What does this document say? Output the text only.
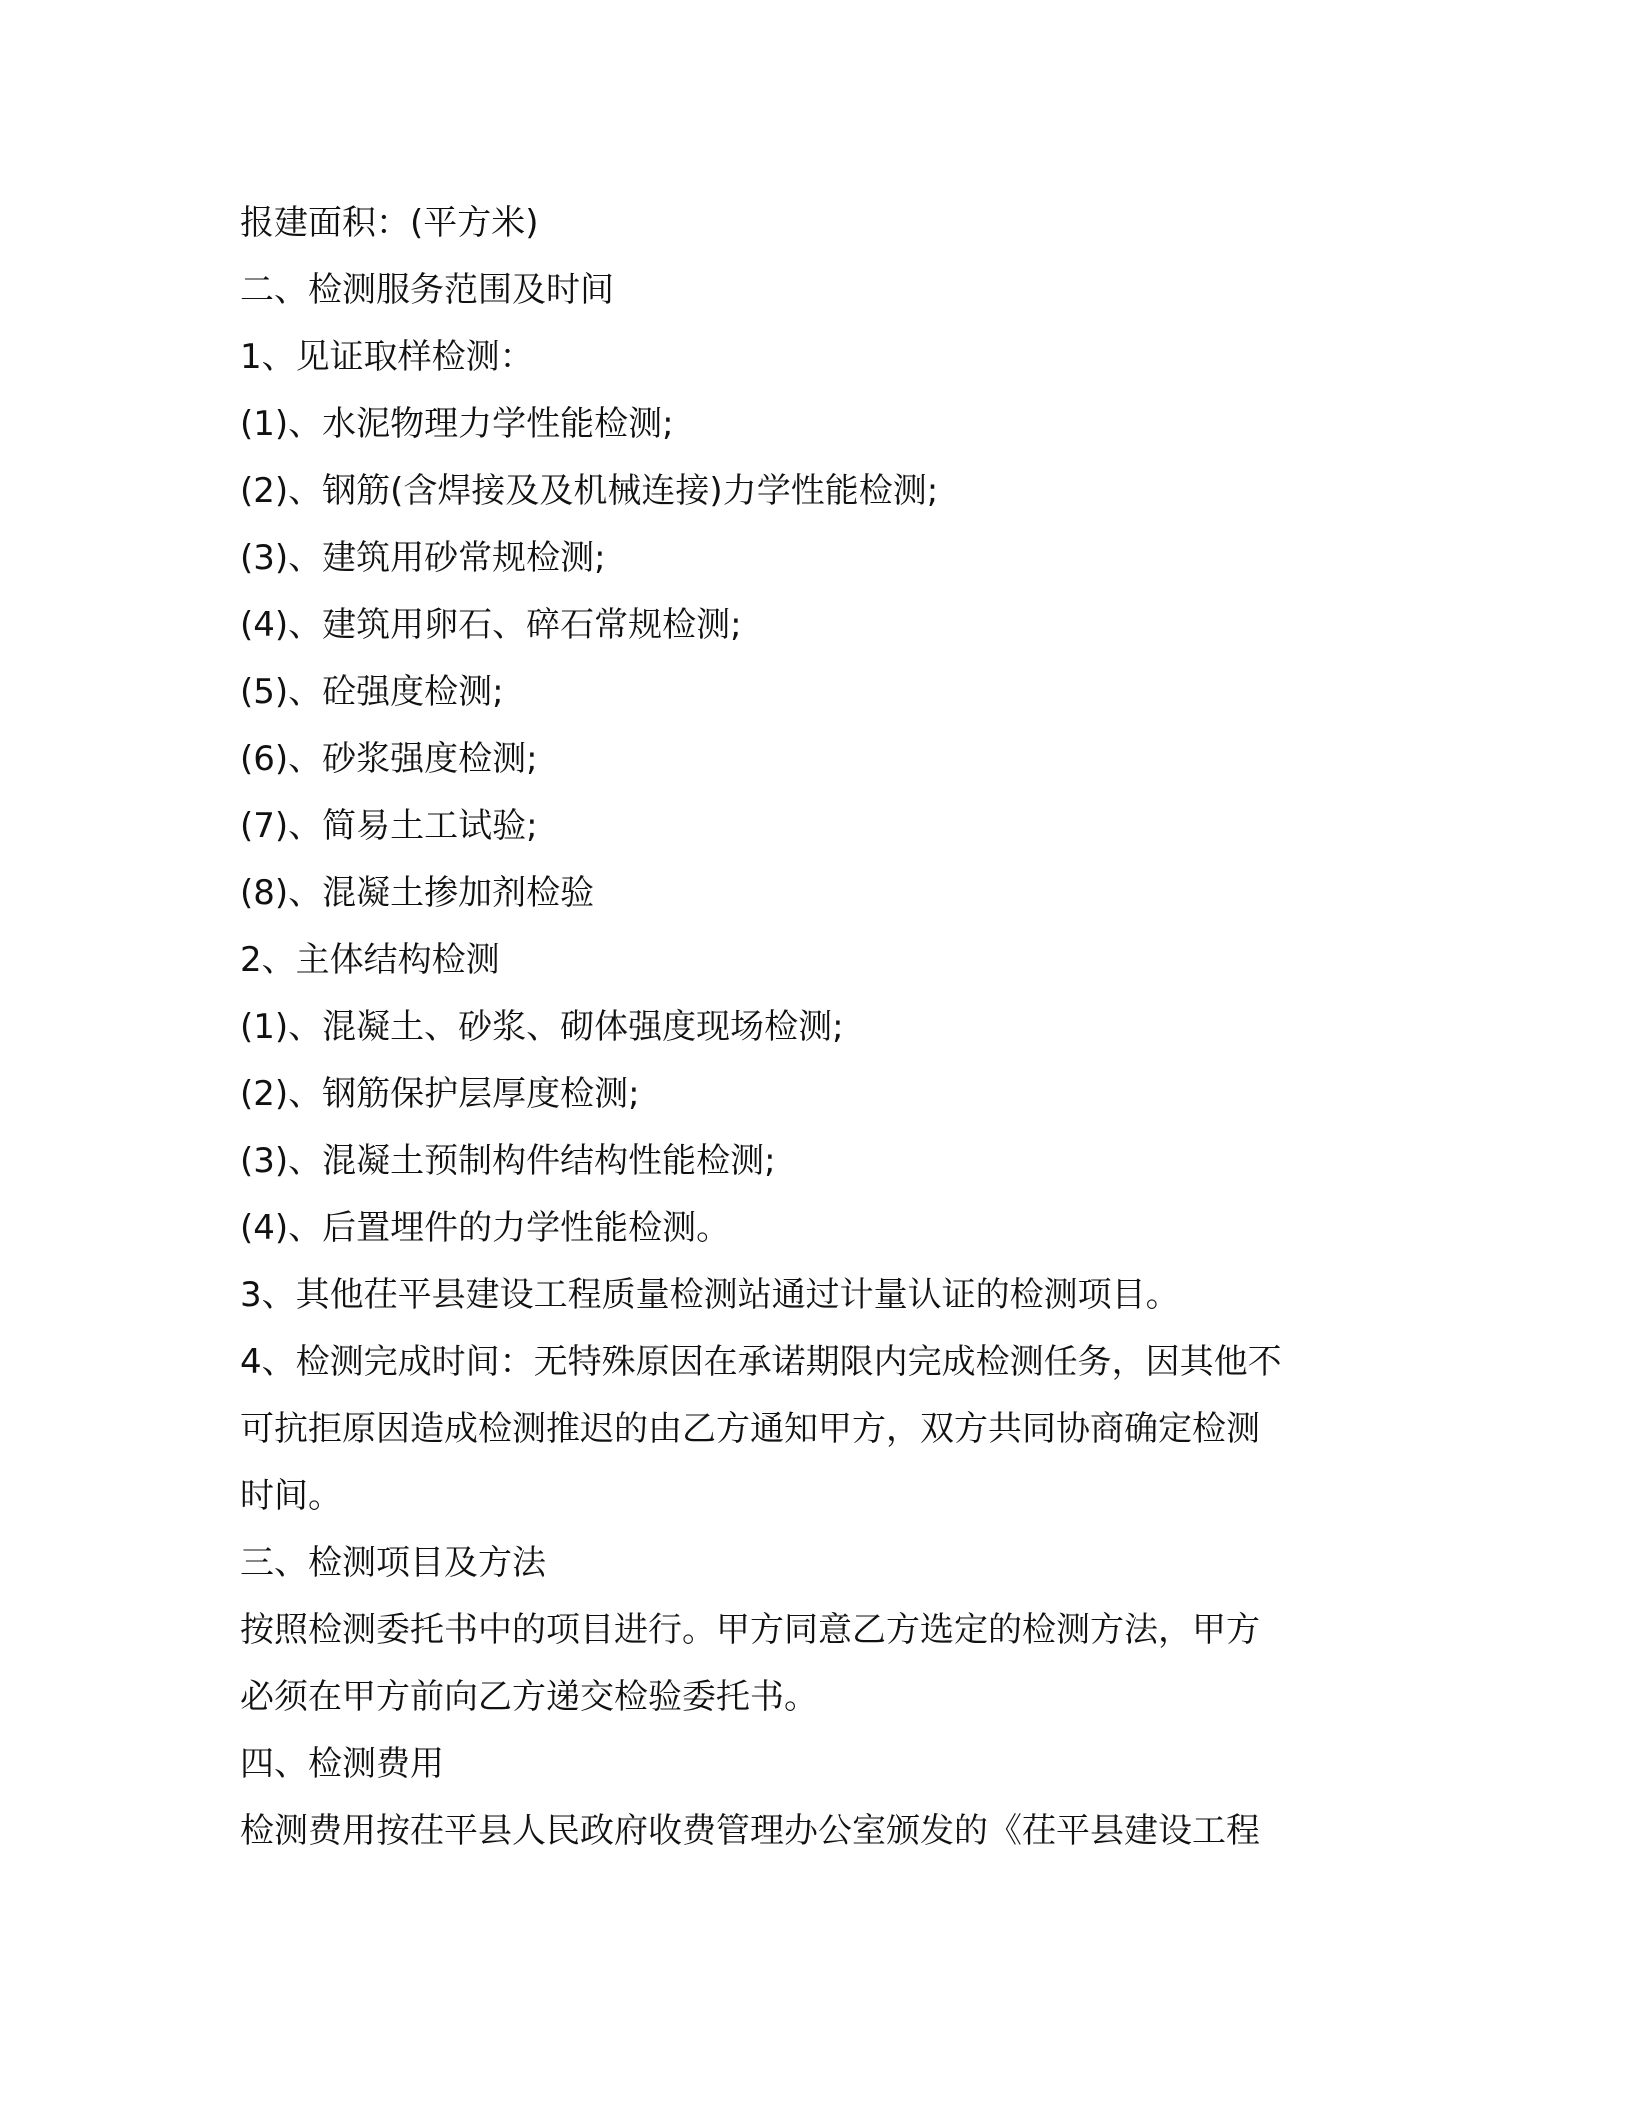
报建面积：(平方米)
二、检测服务范围及时间
1、见证取样检测：
(1)、水泥物理力学性能检测;
(2)、钢筋(含焊接及及机械连接)力学性能检测;
(3)、建筑用砂常规检测;
(4)、建筑用卵石、碎石常规检测;
(5)、砼强度检测;
(6)、砂浆强度检测;
(7)、简易土工试验;
(8)、混凝土掺加剂检验
2、主体结构检测
(1)、混凝土、砂浆、砌体强度现场检测;
(2)、钢筋保护层厚度检测;
(3)、混凝土预制构件结构性能检测;
(4)、后置埋件的力学性能检测。
3、其他茌平县建设工程质量检测站通过计量认证的检测项目。
4、检测完成时间：无特殊原因在承诺期限内完成检测任务，因其他不
可抗拒原因造成检测推迟的由乙方通知甲方，双方共同协商确定检测
时间。
三、检测项目及方法
按照检测委托书中的项目进行。甲方同意乙方选定的检测方法，甲方
必须在甲方前向乙方递交检验委托书。
四、检测费用
检测费用按茌平县人民政府收费管理办公室颁发的《茌平县建设工程
